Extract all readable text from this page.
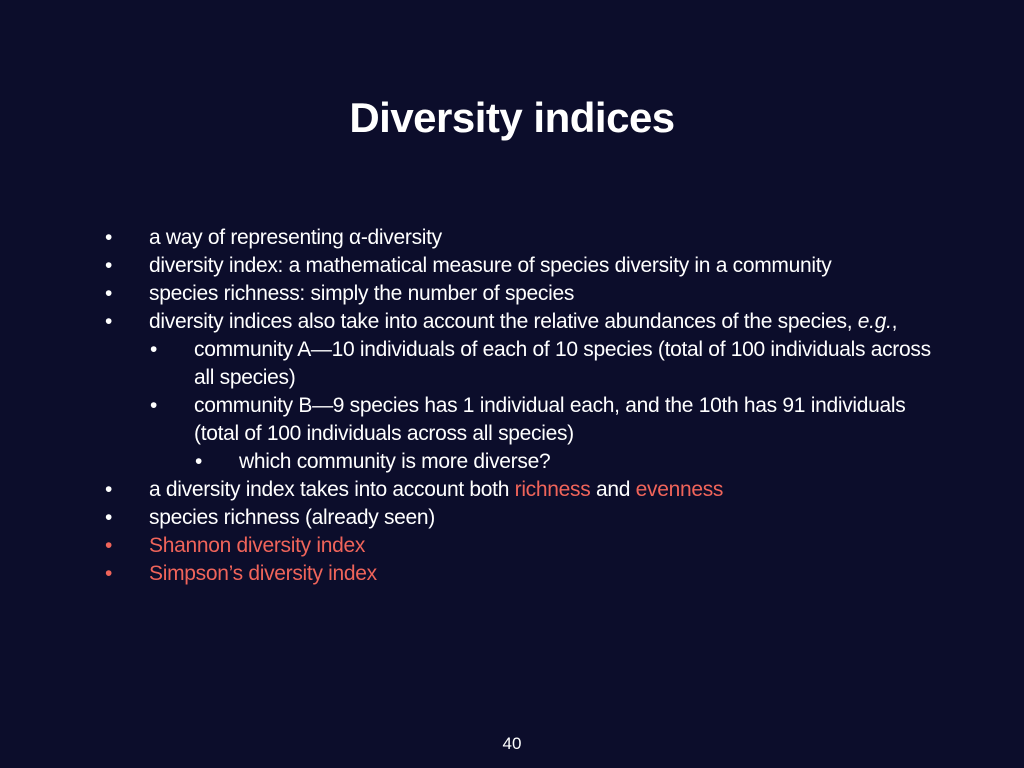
Diversity indices
• a way of representing α-diversity
• diversity index: a mathematical measure of species diversity in a community
• species richness: simply the number of species
• diversity indices also take into account the relative abundances of the species, e.g.,
• community A—10 individuals of each of 10 species (total of 100 individuals across all species)
• community B—9 species has 1 individual each, and the 10th has 91 individuals (total of 100 individuals across all species)
• which community is more diverse?
• a diversity index takes into account both richness and evenness
• species richness (already seen)
• Shannon diversity index
• Simpson’s diversity index
40
